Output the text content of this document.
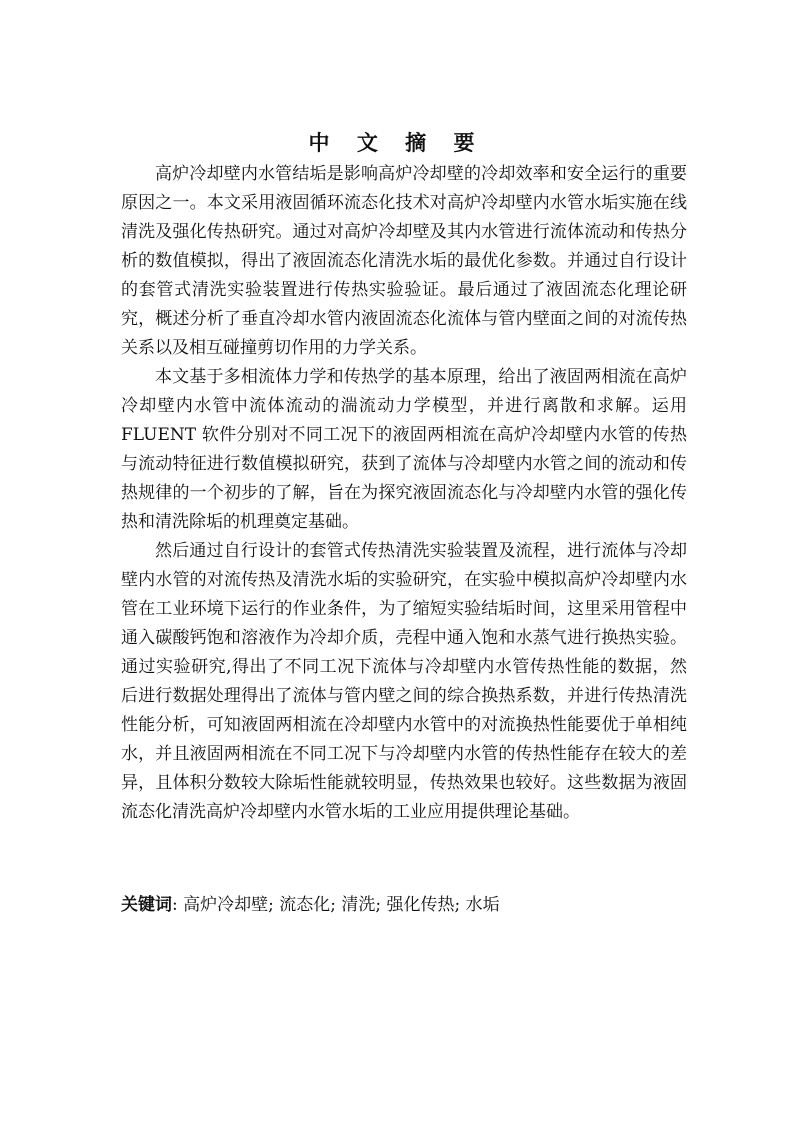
中 文 摘 要

高炉冷却壁内水管结垢是影响高炉冷却壁的冷却效率和安全运行的重要原因之一。本文采用液固循环流态化技术对高炉冷却壁内水管水垢实施在线清洗及强化传热研究。通过对高炉冷却壁及其内水管进行流体流动和传热分析的数值模拟，得出了液固流态化清洗水垢的最优化参数。并通过自行设计的套管式清洗实验装置进行传热实验验证。最后通过了液固流态化理论研究，概述分析了垂直冷却水管内液固流态化流体与管内壁面之间的对流传热关系以及相互碰撞剪切作用的力学关系。

本文基于多相流体力学和传热学的基本原理，给出了液固两相流在高炉冷却壁内水管中流体流动的湍流动力学模型，并进行离散和求解。运用 FLUENT 软件分别对不同工况下的液固两相流在高炉冷却壁内水管的传热与流动特征进行数值模拟研究，获到了流体与冷却壁内水管之间的流动和传热规律的一个初步的了解，旨在为探究液固流态化与冷却壁内水管的强化传热和清洗除垢的机理奠定基础。

然后通过自行设计的套管式传热清洗实验装置及流程，进行流体与冷却壁内水管的对流传热及清洗水垢的实验研究，在实验中模拟高炉冷却壁内水管在工业环境下运行的作业条件，为了缩短实验结垢时间，这里采用管程中通入碳酸钙饱和溶液作为冷却介质，壳程中通入饱和水蒸气进行换热实验。通过实验研究,得出了不同工况下流体与冷却壁内水管传热性能的数据，然后进行数据处理得出了流体与管内壁之间的综合换热系数，并进行传热清洗性能分析，可知液固两相流在冷却壁内水管中的对流换热性能要优于单相纯水，并且液固两相流在不同工况下与冷却壁内水管的传热性能存在较大的差异，且体积分数较大除垢性能就较明显，传热效果也较好。这些数据为液固流态化清洗高炉冷却壁内水管水垢的工业应用提供理论基础。

关键词: 高炉冷却壁; 流态化; 清洗; 强化传热; 水垢
